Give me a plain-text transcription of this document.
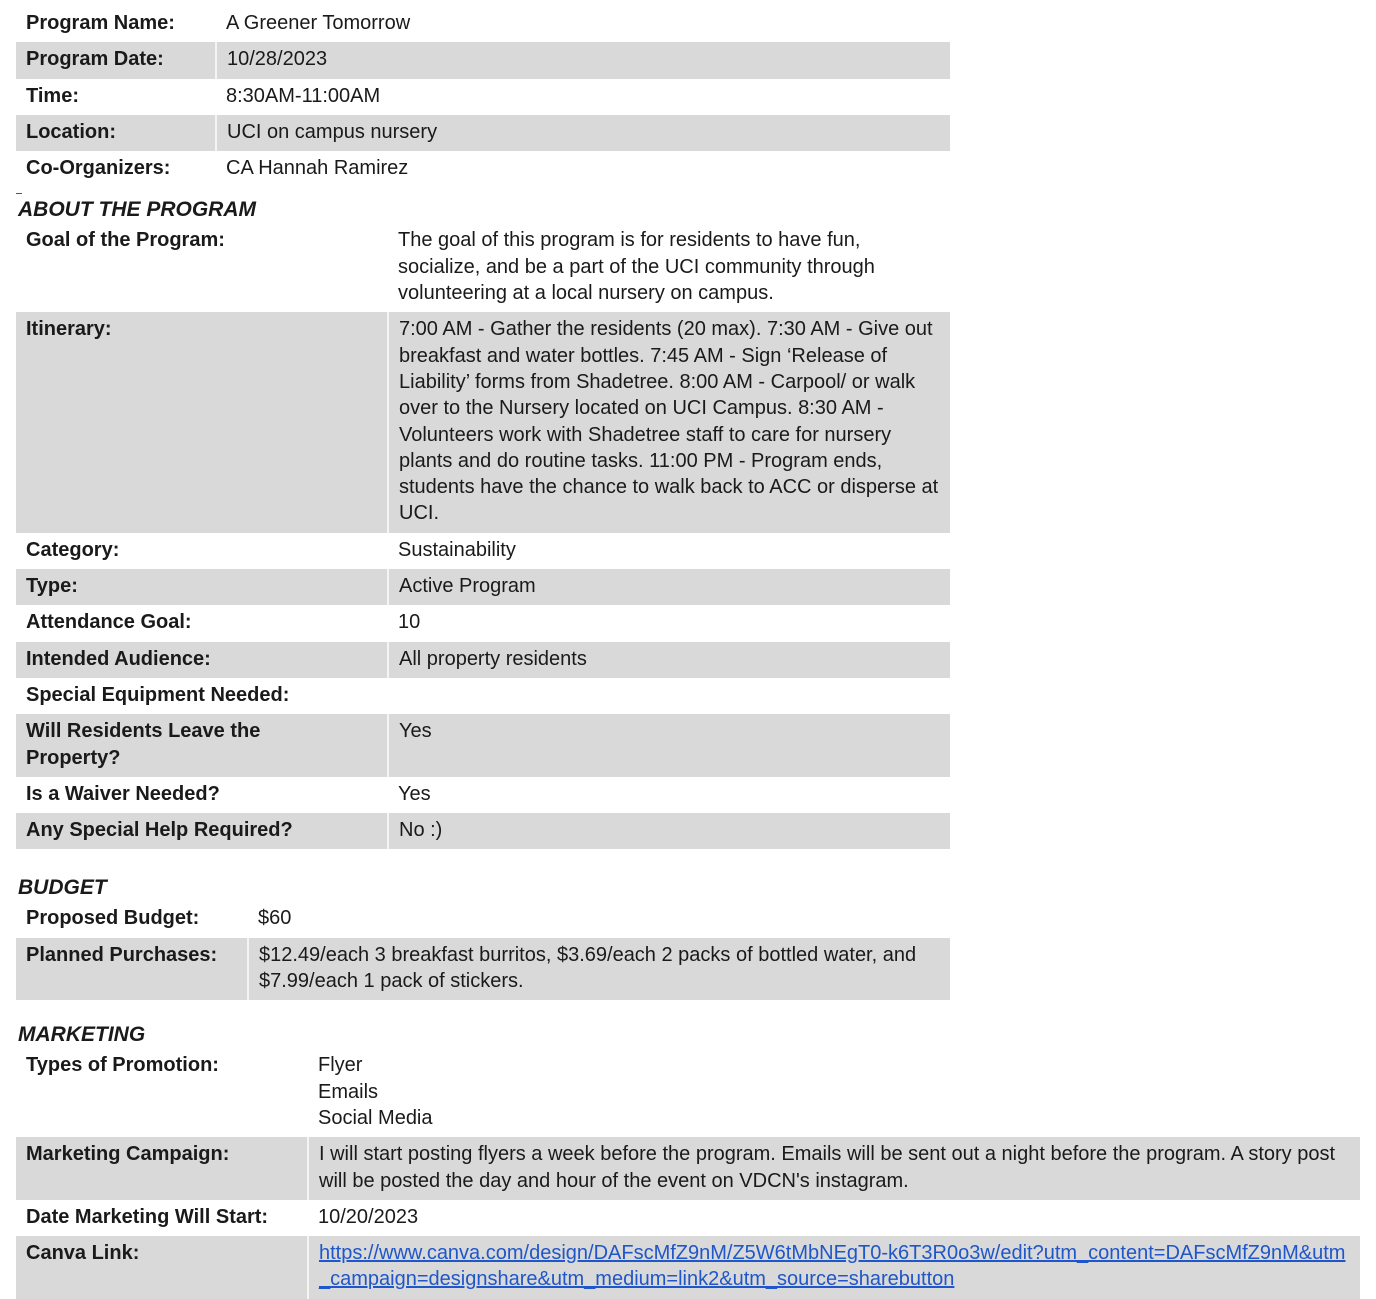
Program Name:	A Greener Tomorrow
Program Date:	10/28/2023
Time:	8:30AM-11:00AM
Location:	UCI on campus nursery
Co-Organizers:	CA Hannah Ramirez
ABOUT THE PROGRAM
Goal of the Program:	The goal of this program is for residents to have fun, socialize, and be a part of the UCI community through volunteering at a local nursery on campus.
Itinerary:	7:00 AM - Gather the residents (20 max). 7:30 AM - Give out breakfast and water bottles. 7:45 AM - Sign ‘Release of Liability’ forms from Shadetree. 8:00 AM - Carpool/ or walk over to the Nursery located on UCI Campus. 8:30 AM - Volunteers work with Shadetree staff to care for nursery plants and do routine tasks. 11:00 PM - Program ends, students have the chance to walk back to ACC or disperse at UCI.
Category:	Sustainability
Type:	Active Program
Attendance Goal:	10
Intended Audience:	All property residents
Special Equipment Needed:	
Will Residents Leave the Property?	Yes
Is a Waiver Needed?	Yes
Any Special Help Required?	No :)
BUDGET
Proposed Budget:	$60
Planned Purchases:	$12.49/each 3 breakfast burritos, $3.69/each 2 packs of bottled water, and $7.99/each 1 pack of stickers.
MARKETING
Types of Promotion:	Flyer
Emails
Social Media

Marketing Campaign:	I will start posting flyers a week before the program. Emails will be sent out a night before the program. A story post will be posted the day and hour of the event on VDCN's instagram.
Date Marketing Will Start:	10/20/2023
Canva Link:	https://www.canva.com/design/DAFscMfZ9nM/Z5W6tMbNEgT0-k6T3R0o3w/edit?utm_content=DAFscMfZ9nM&utm_campaign=designshare&utm_medium=link2&utm_source=sharebutton
